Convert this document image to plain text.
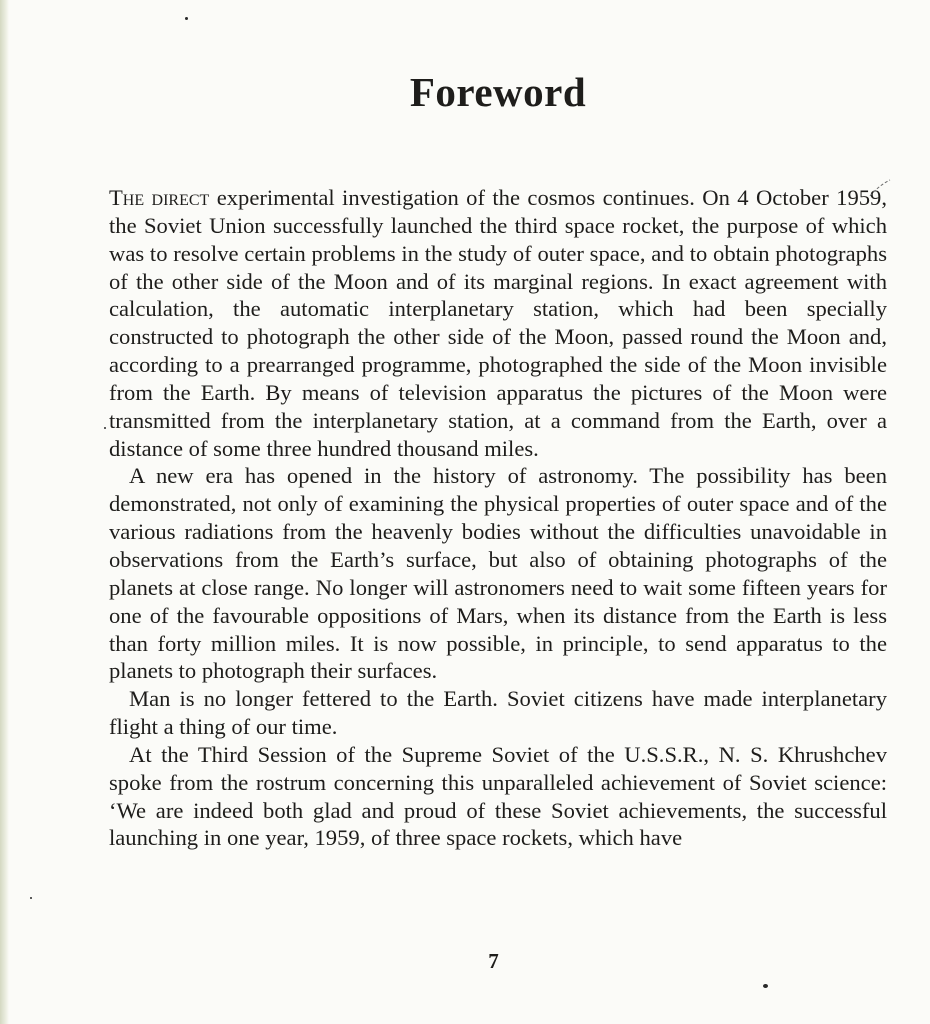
Foreword

The direct experimental investigation of the cosmos continues. On 4 October 1959, the Soviet Union successfully launched the third space rocket, the purpose of which was to resolve certain problems in the study of outer space, and to obtain photographs of the other side of the Moon and of its marginal regions. In exact agreement with calculation, the automatic interplanetary station, which had been specially constructed to photograph the other side of the Moon, passed round the Moon and, according to a prearranged programme, photographed the side of the Moon invisible from the Earth. By means of television apparatus the pictures of the Moon were transmitted from the interplanetary station, at a command from the Earth, over a distance of some three hundred thousand miles.

A new era has opened in the history of astronomy. The possibility has been demonstrated, not only of examining the physical properties of outer space and of the various radiations from the heavenly bodies without the difficulties unavoidable in observations from the Earth’s surface, but also of obtaining photographs of the planets at close range. No longer will astronomers need to wait some fifteen years for one of the favourable oppositions of Mars, when its distance from the Earth is less than forty million miles. It is now possible, in principle, to send apparatus to the planets to photograph their surfaces.

Man is no longer fettered to the Earth. Soviet citizens have made interplanetary flight a thing of our time.

At the Third Session of the Supreme Soviet of the U.S.S.R., N. S. Khrushchev spoke from the rostrum concerning this unparalleled achievement of Soviet science: ‘We are indeed both glad and proud of these Soviet achievements, the successful launching in one year, 1959, of three space rockets, which have

7
